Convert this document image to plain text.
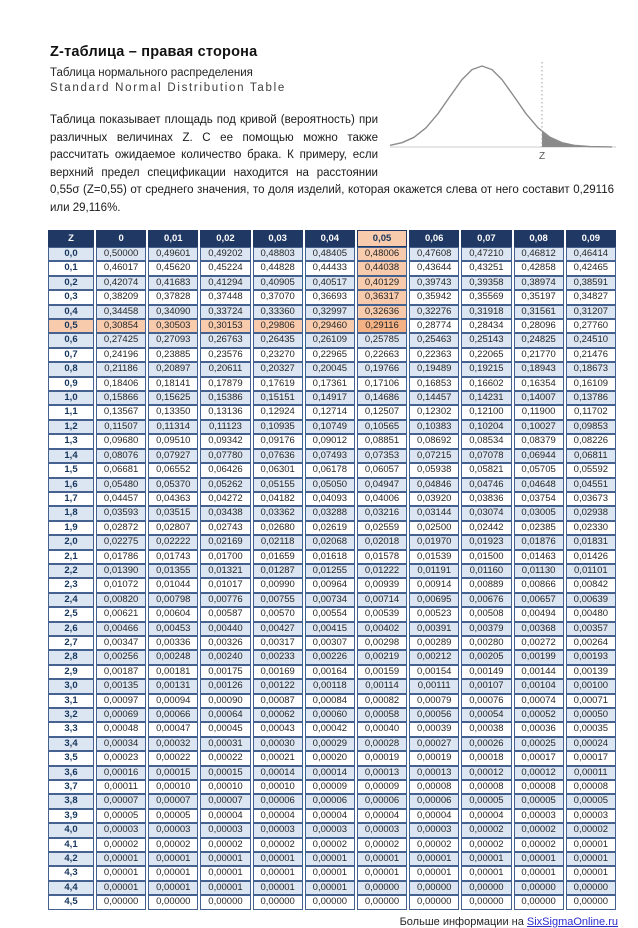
Z
Z-таблица – правая сторона
Таблица нормального распределения
Standard Normal Distribution Table

Таблица показывает площадь под кривой (вероятность) при различных величинах Z. С ее помощью можно также рассчитать ожидаемое количество брака. К примеру, если верхний предел спецификации находится на расстоянии 0,55σ (Z=0,55) от среднего значения, то доля изделий, которая окажется слева от него составит 0,29116 или 29,116%.

Z	0	0,01	0,02	0,03	0,04	0,05	0,06	0,07	0,08	0,09
0,0	0,50000	0,49601	0,49202	0,48803	0,48405	0,48006	0,47608	0,47210	0,46812	0,46414
0,1	0,46017	0,45620	0,45224	0,44828	0,44433	0,44038	0,43644	0,43251	0,42858	0,42465
0,2	0,42074	0,41683	0,41294	0,40905	0,40517	0,40129	0,39743	0,39358	0,38974	0,38591
0,3	0,38209	0,37828	0,37448	0,37070	0,36693	0,36317	0,35942	0,35569	0,35197	0,34827
0,4	0,34458	0,34090	0,33724	0,33360	0,32997	0,32636	0,32276	0,31918	0,31561	0,31207
0,5	0,30854	0,30503	0,30153	0,29806	0,29460	0,29116	0,28774	0,28434	0,28096	0,27760
0,6	0,27425	0,27093	0,26763	0,26435	0,26109	0,25785	0,25463	0,25143	0,24825	0,24510
0,7	0,24196	0,23885	0,23576	0,23270	0,22965	0,22663	0,22363	0,22065	0,21770	0,21476
0,8	0,21186	0,20897	0,20611	0,20327	0,20045	0,19766	0,19489	0,19215	0,18943	0,18673
0,9	0,18406	0,18141	0,17879	0,17619	0,17361	0,17106	0,16853	0,16602	0,16354	0,16109
1,0	0,15866	0,15625	0,15386	0,15151	0,14917	0,14686	0,14457	0,14231	0,14007	0,13786
1,1	0,13567	0,13350	0,13136	0,12924	0,12714	0,12507	0,12302	0,12100	0,11900	0,11702
1,2	0,11507	0,11314	0,11123	0,10935	0,10749	0,10565	0,10383	0,10204	0,10027	0,09853
1,3	0,09680	0,09510	0,09342	0,09176	0,09012	0,08851	0,08692	0,08534	0,08379	0,08226
1,4	0,08076	0,07927	0,07780	0,07636	0,07493	0,07353	0,07215	0,07078	0,06944	0,06811
1,5	0,06681	0,06552	0,06426	0,06301	0,06178	0,06057	0,05938	0,05821	0,05705	0,05592
1,6	0,05480	0,05370	0,05262	0,05155	0,05050	0,04947	0,04846	0,04746	0,04648	0,04551
1,7	0,04457	0,04363	0,04272	0,04182	0,04093	0,04006	0,03920	0,03836	0,03754	0,03673
1,8	0,03593	0,03515	0,03438	0,03362	0,03288	0,03216	0,03144	0,03074	0,03005	0,02938
1,9	0,02872	0,02807	0,02743	0,02680	0,02619	0,02559	0,02500	0,02442	0,02385	0,02330
2,0	0,02275	0,02222	0,02169	0,02118	0,02068	0,02018	0,01970	0,01923	0,01876	0,01831
2,1	0,01786	0,01743	0,01700	0,01659	0,01618	0,01578	0,01539	0,01500	0,01463	0,01426
2,2	0,01390	0,01355	0,01321	0,01287	0,01255	0,01222	0,01191	0,01160	0,01130	0,01101
2,3	0,01072	0,01044	0,01017	0,00990	0,00964	0,00939	0,00914	0,00889	0,00866	0,00842
2,4	0,00820	0,00798	0,00776	0,00755	0,00734	0,00714	0,00695	0,00676	0,00657	0,00639
2,5	0,00621	0,00604	0,00587	0,00570	0,00554	0,00539	0,00523	0,00508	0,00494	0,00480
2,6	0,00466	0,00453	0,00440	0,00427	0,00415	0,00402	0,00391	0,00379	0,00368	0,00357
2,7	0,00347	0,00336	0,00326	0,00317	0,00307	0,00298	0,00289	0,00280	0,00272	0,00264
2,8	0,00256	0,00248	0,00240	0,00233	0,00226	0,00219	0,00212	0,00205	0,00199	0,00193
2,9	0,00187	0,00181	0,00175	0,00169	0,00164	0,00159	0,00154	0,00149	0,00144	0,00139
3,0	0,00135	0,00131	0,00126	0,00122	0,00118	0,00114	0,00111	0,00107	0,00104	0,00100
3,1	0,00097	0,00094	0,00090	0,00087	0,00084	0,00082	0,00079	0,00076	0,00074	0,00071
3,2	0,00069	0,00066	0,00064	0,00062	0,00060	0,00058	0,00056	0,00054	0,00052	0,00050
3,3	0,00048	0,00047	0,00045	0,00043	0,00042	0,00040	0,00039	0,00038	0,00036	0,00035
3,4	0,00034	0,00032	0,00031	0,00030	0,00029	0,00028	0,00027	0,00026	0,00025	0,00024
3,5	0,00023	0,00022	0,00022	0,00021	0,00020	0,00019	0,00019	0,00018	0,00017	0,00017
3,6	0,00016	0,00015	0,00015	0,00014	0,00014	0,00013	0,00013	0,00012	0,00012	0,00011
3,7	0,00011	0,00010	0,00010	0,00010	0,00009	0,00009	0,00008	0,00008	0,00008	0,00008
3,8	0,00007	0,00007	0,00007	0,00006	0,00006	0,00006	0,00006	0,00005	0,00005	0,00005
3,9	0,00005	0,00005	0,00004	0,00004	0,00004	0,00004	0,00004	0,00004	0,00003	0,00003
4,0	0,00003	0,00003	0,00003	0,00003	0,00003	0,00003	0,00003	0,00002	0,00002	0,00002
4,1	0,00002	0,00002	0,00002	0,00002	0,00002	0,00002	0,00002	0,00002	0,00002	0,00001
4,2	0,00001	0,00001	0,00001	0,00001	0,00001	0,00001	0,00001	0,00001	0,00001	0,00001
4,3	0,00001	0,00001	0,00001	0,00001	0,00001	0,00001	0,00001	0,00001	0,00001	0,00001
4,4	0,00001	0,00001	0,00001	0,00001	0,00001	0,00000	0,00000	0,00000	0,00000	0,00000
4,5	0,00000	0,00000	0,00000	0,00000	0,00000	0,00000	0,00000	0,00000	0,00000	0,00000
Больше информации на SixSigmaOnline.ru
